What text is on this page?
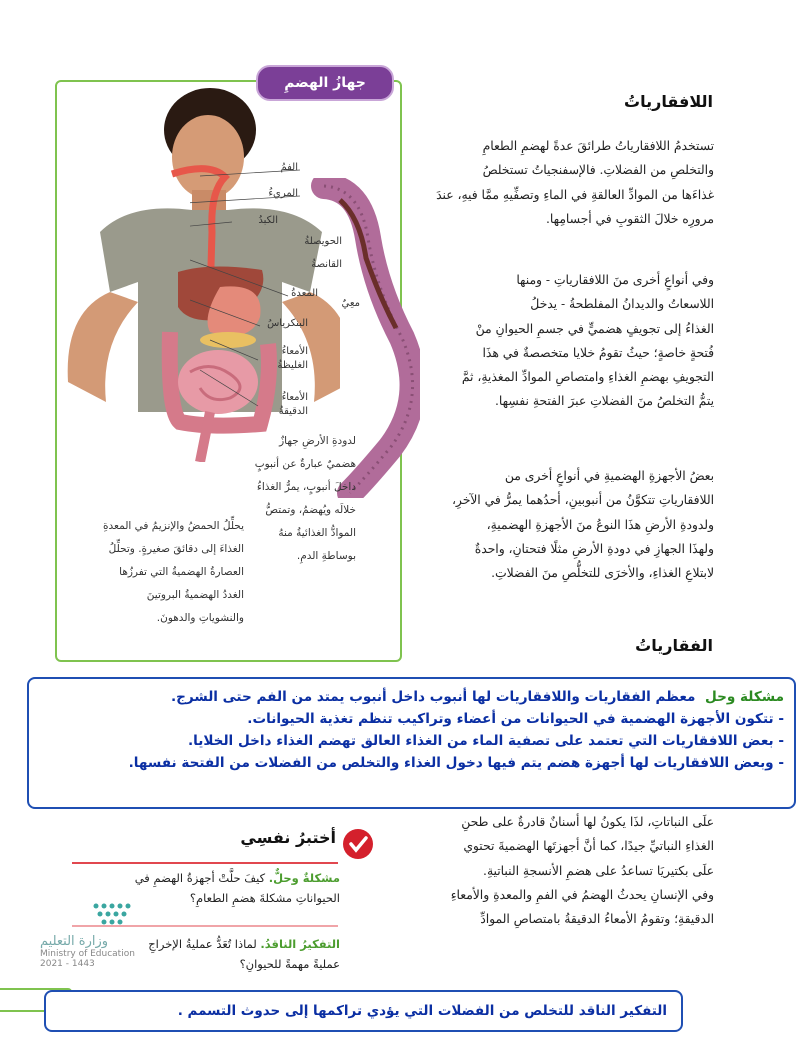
جهازُ الهضمِ
الفمُ
المريءُ
الكبدُ
الحويصلةُ
القانصةُ
المعدةُ
معِيٌ
البنكرياسُ
الأمعاءُ
الغليظةُ
الأمعاءُ
الدقيقةُ
لدودةِ الأرضِ جهازٌ
هضميٌ عبارةٌ عن أنبوبٍ
داخلَ أنبوبٍ، يمرُّ الغذاءُ
خلالَه ويُهضمُ، وتمتصُّ
الموادُّ الغذائيةُ منهُ
بوساطةِ الدمِ.
يحلِّلُ الحمضُ والإنزيمُ في المعدةِ
الغذاءَ إلى دقائقَ صغيرةٍ. وتحلِّلُ
العصارةُ الهضميةُ التي تفرزُها
الغددُ الهضميةُ البروتينَ
والنشوياتِ والدهونَ.
اللافقارياتُ
تستخدمُ اللافقارياتُ طرائقَ عدةً لهضمِ الطعامِ
والتخلصِ من الفضلاتِ. فالإسفنجياتُ تستخلصُ
غذاءَها من الموادِّ العالقةِ في الماءِ وتصفِّيهِ ممَّا فيهِ، عندَ
مرورِه خلالَ الثقوبِ في أجسامِها.
وفي أنواعٍ أخرى منَ اللافقارياتِ - ومنها
اللاسعاتُ والديدانُ المفلطحةُ - يدخلُ
الغذاءُ إلى تجويفٍ هضميٍّ في جسمِ الحيوانِ منْ
فُتحةٍ خاصةٍ؛ حيثُ تقومُ خلايا متخصصةٌ في هذَا
التجويفِ بهضمِ الغذاءِ وامتصاصِ الموادِّ المغذيةِ، ثمَّ
يتمُّ التخلصُ منَ الفضلاتِ عبرَ الفتحةِ نفسِها.
بعضُ الأجهزةِ الهضميةِ في أنواعٍ أخرى من
اللافقارياتِ تتكوَّنُ من أنبوبينِ، أحدُهما يمرُّ في الآخرِ،
ولدودةِ الأرضِ هذَا النوعُ منَ الأجهزةِ الهضميةِ،
ولهذَا الجهازِ في دودةِ الأرضِ مثلًا فتحتانِ، واحدةٌ
لابتلاعِ الغذاءِ، والأخرَى للتخلُّصِ منَ الفضلاتِ.
الفقارياتُ
مشكلة وحل  معظم الفقاريات واللافقاريات لها أنبوب داخل أنبوب يمتد من الفم حتى الشرج.
- تتكون الأجهزة الهضمية في الحيوانات من أعضاء وتراكيب تنظم تغذية الحيوانات.
- بعض اللافقاريات التي تعتمد على تصفية الماء من الغذاء العالق تهضم الغذاء داخل الخلايا.
- وبعض اللافقاريات لها أجهزة هضم يتم فيها دخول الغذاء والتخلص من الفضلات من الفتحة نفسها.
علَى النباتاتِ، لذَا يكونُ لها أسنانٌ قادرةٌ على طحنِ
الغذاءِ النباتيِّ جيدًا، كما أنَّ أجهزتَها الهضميةَ تحتوي
علَى بكتيريَا تساعدُ على هضمِ الأنسجةِ النباتيةِ.
وفي الإنسانِ يحدثُ الهضمُ في الفمِ والمعدةِ والأمعاءِ
الدقيقةِ؛ وتقومُ الأمعاءُ الدقيقةُ بامتصاصِ الموادِّ
أختبرُ نفسِي
مشكلةٌ وحلٌّ. كيفَ حلَّتْ أجهزةُ الهضمِ في
الحيواناتِ مشكلةَ هضمِ الطعامِ؟
التفكيرُ الناقدُ. لماذا تُعَدُّ عمليةُ الإخراجِ
عمليةً مهمةً للحيوانِ؟
وزارة التعليم
Ministry of Education
2021 - 1443
التفكير الناقد للتخلص من الفضلات التي يؤدي تراكمها إلى حدوث التسمم .
